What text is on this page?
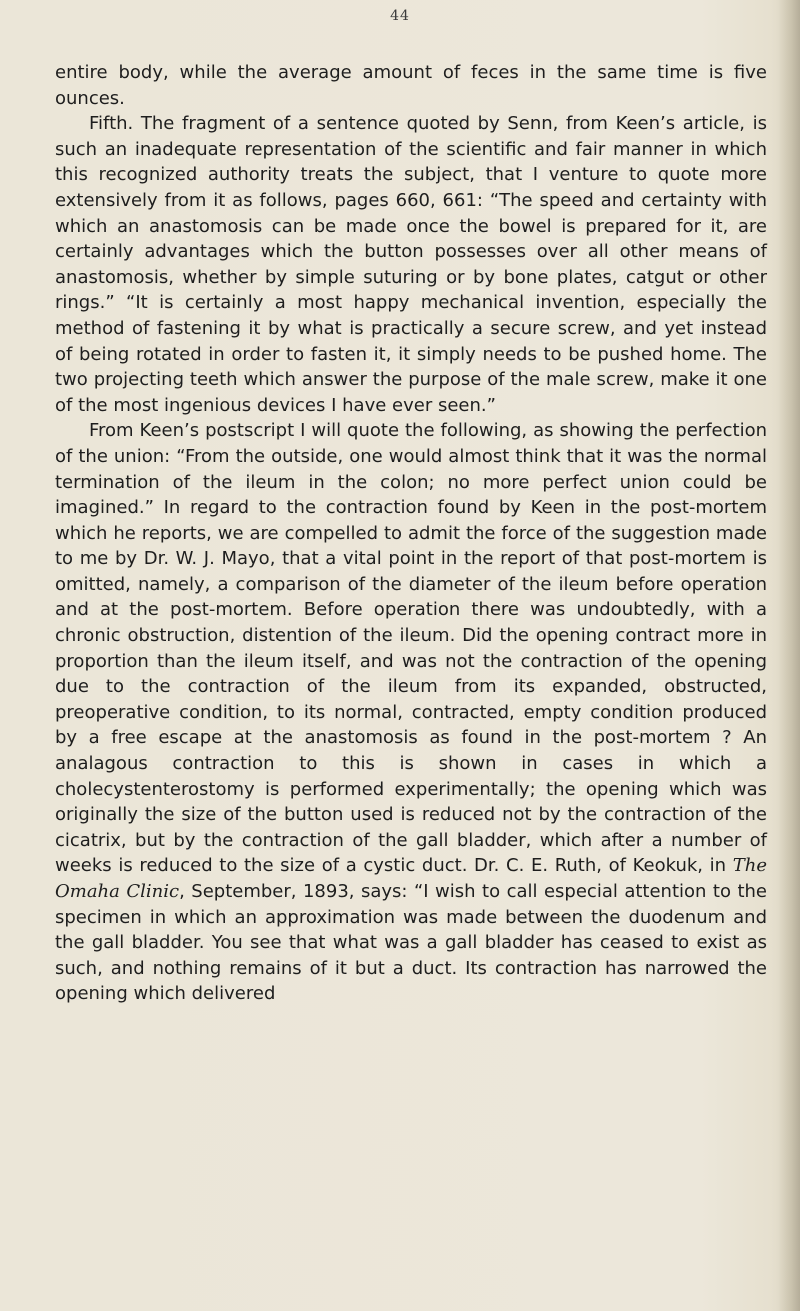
44

entire body, while the average amount of feces in the same time is five ounces.

Fifth. The fragment of a sentence quoted by Senn, from Keen’s article, is such an inadequate representation of the scientific and fair manner in which this recognized authority treats the subject, that I venture to quote more extensively from it as follows, pages 660, 661: “The speed and certainty with which an anastomosis can be made once the bowel is prepared for it, are certainly advantages which the button possesses over all other means of anastomosis, whether by simple suturing or by bone plates, catgut or other rings.” “It is certainly a most happy mechanical invention, especially the method of fastening it by what is practically a secure screw, and yet instead of being rotated in order to fasten it, it simply needs to be pushed home. The two projecting teeth which answer the purpose of the male screw, make it one of the most ingenious devices I have ever seen.”

From Keen’s postscript I will quote the following, as showing the perfection of the union: “From the outside, one would almost think that it was the normal termination of the ileum in the colon; no more perfect union could be imagined.” In regard to the contraction found by Keen in the post-mortem which he reports, we are compelled to admit the force of the suggestion made to me by Dr. W. J. Mayo, that a vital point in the report of that post-mortem is omitted, namely, a comparison of the diameter of the ileum before operation and at the post-mortem. Before operation there was undoubtedly, with a chronic obstruction, distention of the ileum. Did the opening contract more in proportion than the ileum itself, and was not the contraction of the opening due to the contraction of the ileum from its expanded, obstructed, preoperative condition, to its normal, contracted, empty condition produced by a free escape at the anastomosis as found in the post-mortem ? An analagous contraction to this is shown in cases in which a cholecystenterostomy is performed experimentally; the opening which was originally the size of the button used is reduced not by the contraction of the cicatrix, but by the contraction of the gall bladder, which after a number of weeks is reduced to the size of a cystic duct. Dr. C. E. Ruth, of Keokuk, in The Omaha Clinic, September, 1893, says: “I wish to call especial attention to the specimen in which an approximation was made between the duodenum and the gall bladder. You see that what was a gall bladder has ceased to exist as such, and nothing remains of it but a duct. Its contraction has narrowed the opening which delivered
